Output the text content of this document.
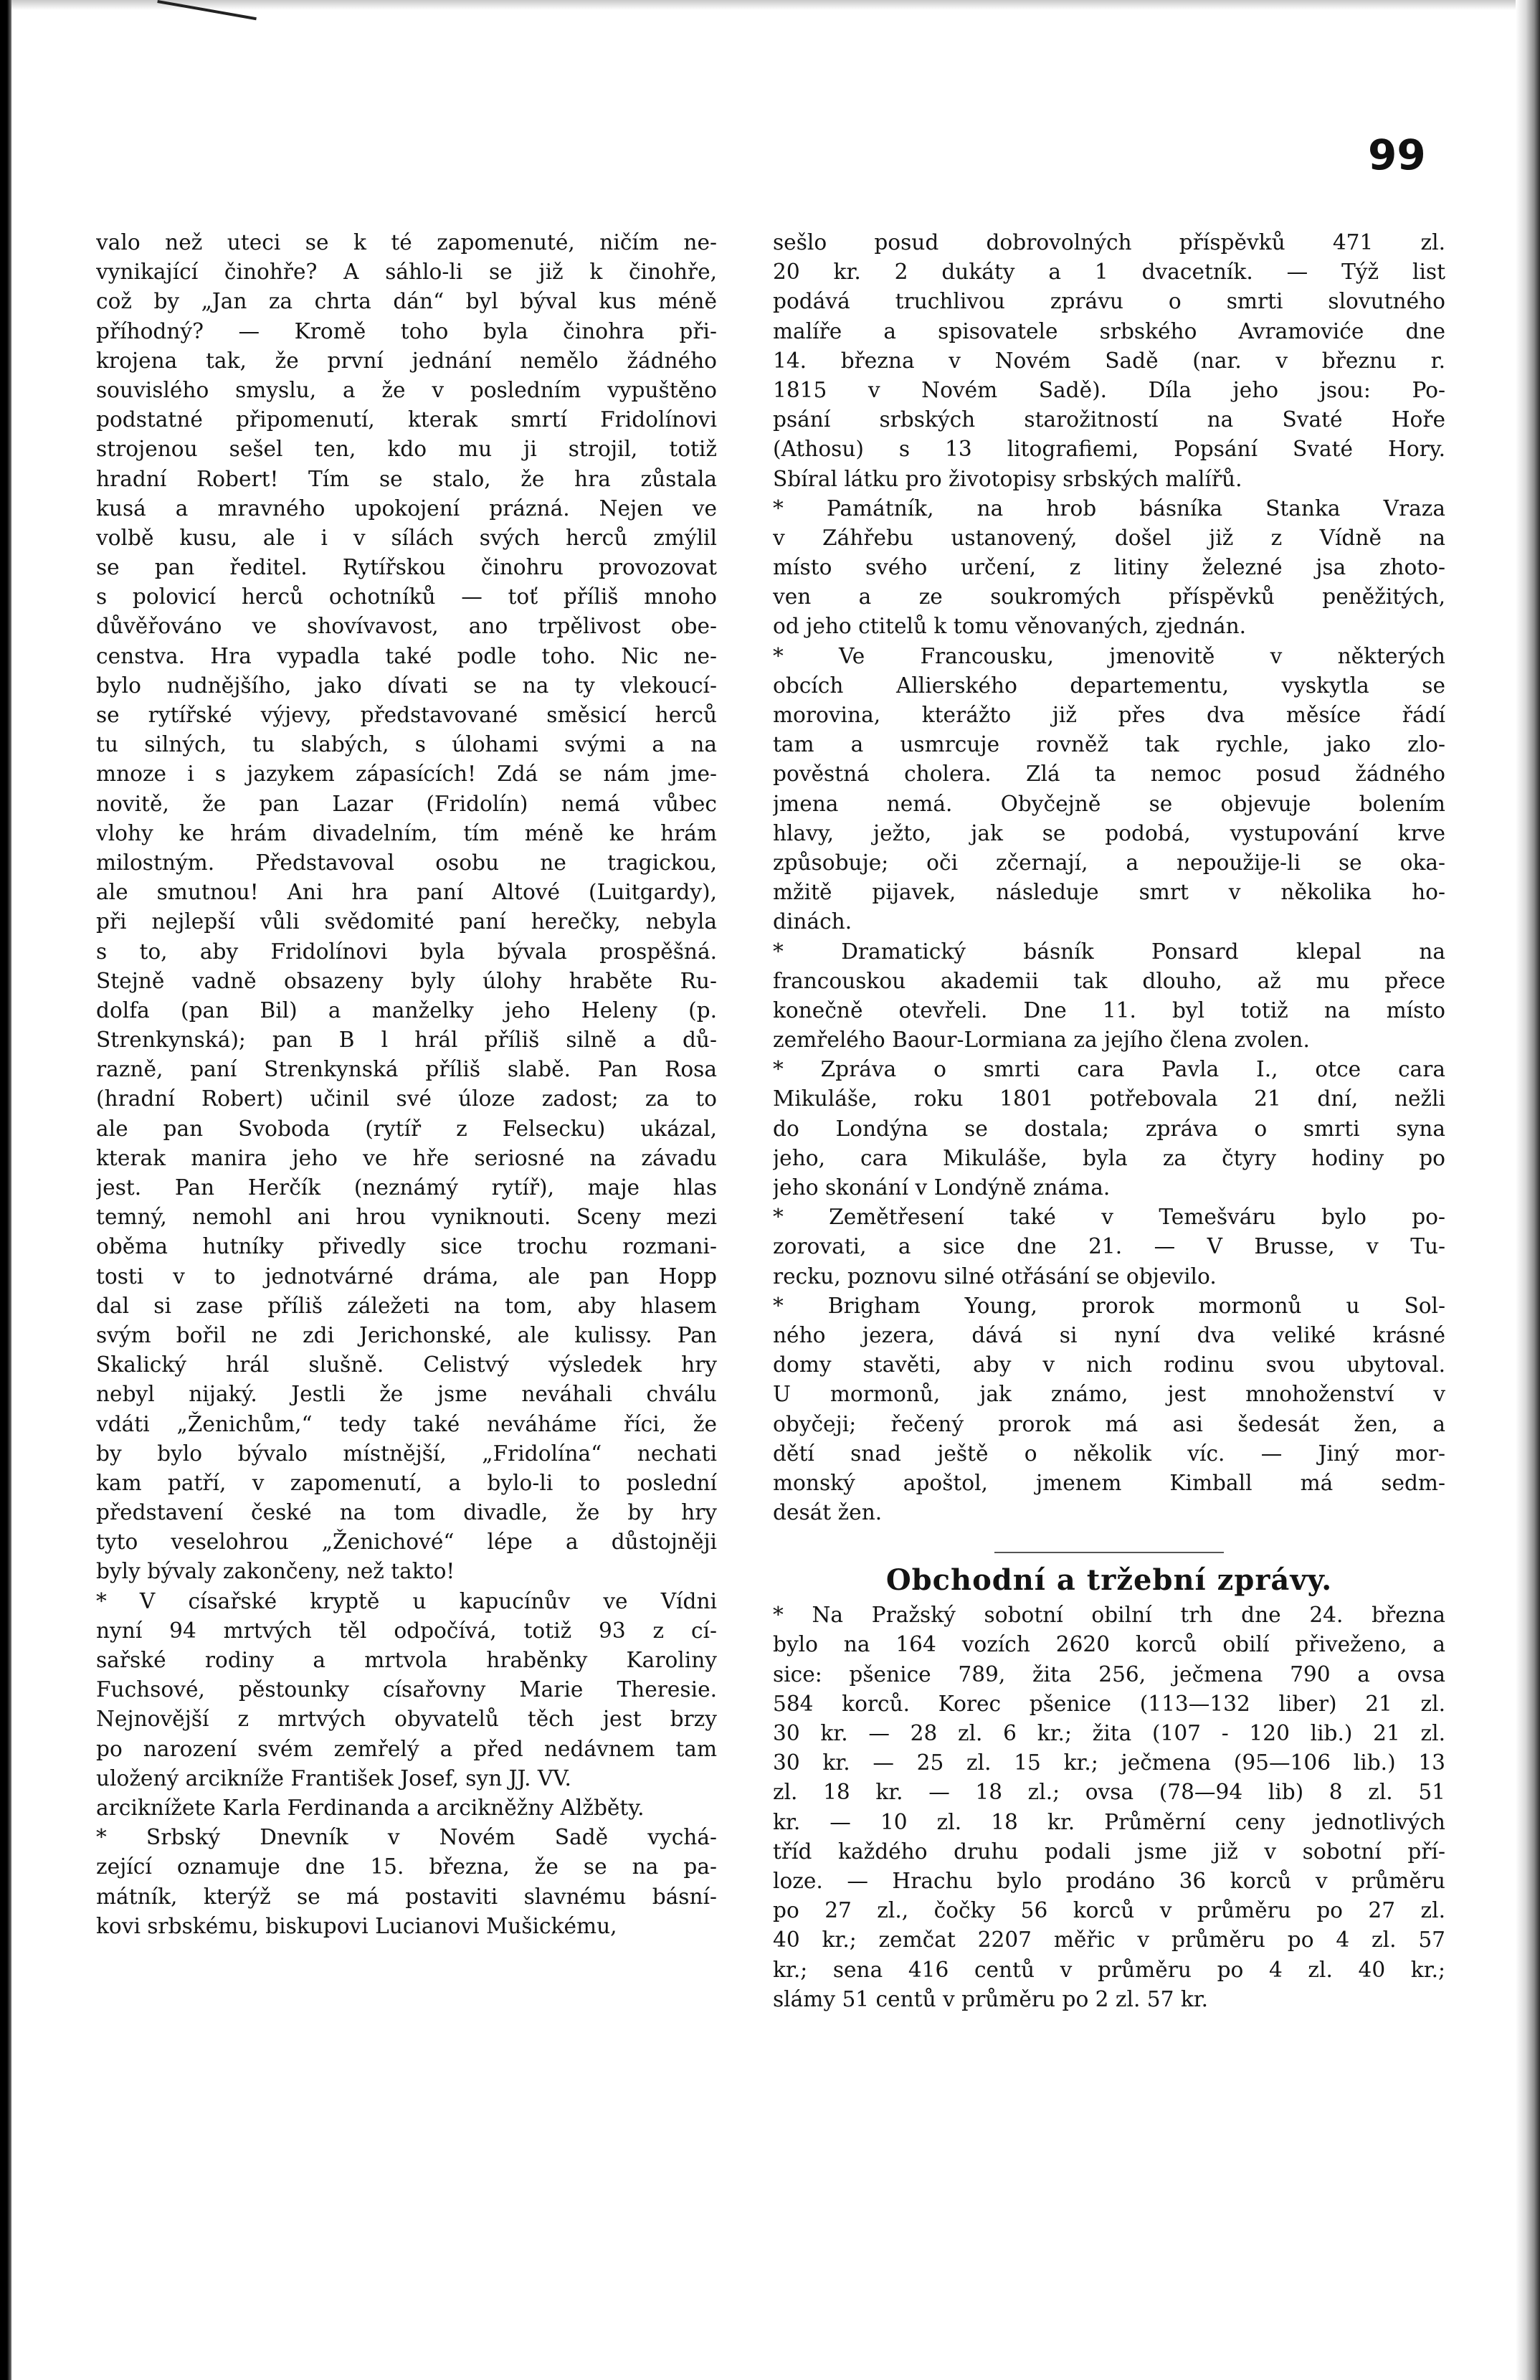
99
valo než uteci se k té zapomenuté, ničím ne-
vynikající činohře? A sáhlo-li se již k činohře,
což by „Jan za chrta dán“ byl býval kus méně
příhodný? — Kromě toho byla činohra při-
krojena tak, že první jednání nemělo žádného
souvislého smyslu, a že v posledním vypuštěno
podstatné připomenutí, kterak smrtí Fridolínovi
strojenou sešel ten, kdo mu ji strojil, totiž
hradní Robert! Tím se stalo, že hra zůstala
kusá a mravného upokojení prázná. Nejen ve
volbě kusu, ale i v sílách svých herců zmýlil
se pan ředitel. Rytířskou činohru provozovat
s polovicí herců ochotníků — toť příliš mnoho
důvěřováno ve shovívavost, ano trpělivost obe-
censtva. Hra vypadla také podle toho. Nic ne-
bylo nudnějšího, jako dívati se na ty vlekoucí-
se rytířské výjevy, představované směsicí herců
tu silných, tu slabých, s úlohami svými a na
mnoze i s jazykem zápasících! Zdá se nám jme-
novitě, že pan Lazar (Fridolín) nemá vůbec
vlohy ke hrám divadelním, tím méně ke hrám
milostným. Představoval osobu ne tragickou,
ale smutnou! Ani hra paní Altové (Luitgardy),
při nejlepší vůli svědomité paní herečky, nebyla
s to, aby Fridolínovi byla bývala prospěšná.
Stejně vadně obsazeny byly úlohy hraběte Ru-
dolfa (pan Bil) a manželky jeho Heleny (p.
Strenkynská); pan B l hrál příliš silně a dů-
razně, paní Strenkynská příliš slabě. Pan Rosa
(hradní Robert) učinil své úloze zadost; za to
ale pan Svoboda (rytíř z Felsecku) ukázal,
kterak manira jeho ve hře seriosné na závadu
jest. Pan Herčík (neznámý rytíř), maje hlas
temný, nemohl ani hrou vyniknouti. Sceny mezi
oběma hutníky přivedly sice trochu rozmani-
tosti v to jednotvárné dráma, ale pan Hopp
dal si zase příliš záležeti na tom, aby hlasem
svým bořil ne zdi Jerichonské, ale kulissy. Pan
Skalický hrál slušně. Celistvý výsledek hry
nebyl nijaký. Jestli že jsme neváhali chválu
vdáti „Ženichům,“ tedy také neváháme říci, že
by bylo bývalo místnější, „Fridolína“ nechati
kam patří, v zapomenutí, a bylo-li to poslední
představení české na tom divadle, že by hry
tyto veselohrou „Ženichové“ lépe a důstojněji
byly bývaly zakončeny, než takto!
* V císařské kryptě u kapucínův ve Vídni
nyní 94 mrtvých těl odpočívá, totiž 93 z cí-
sařské rodiny a mrtvola hraběnky Karoliny
Fuchsové, pěstounky císařovny Marie Theresie.
Nejnovější z mrtvých obyvatelů těch jest brzy
po narození svém zemřelý a před nedávnem tam
uložený arcikníže František Josef, syn JJ. VV.
arciknížete Karla Ferdinanda a arcikněžny Alžběty.
* Srbský Dnevník v Novém Sadě vychá-
zející oznamuje dne 15. března, že se na pa-
mátník, kterýž se má postaviti slavnému básní-
kovi srbskému, biskupovi Lucianovi Mušickému,
sešlo posud dobrovolných příspěvků 471 zl.
20 kr. 2 dukáty a 1 dvacetník. — Týž list
podává truchlivou zprávu o smrti slovutného
malíře a spisovatele srbského Avramoviće dne
14. března v Novém Sadě (nar. v březnu r.
1815 v Novém Sadě). Díla jeho jsou: Po-
psání srbských starožitností na Svaté Hoře
(Athosu) s 13 litografiemi, Popsání Svaté Hory.
Sbíral látku pro životopisy srbských malířů.
* Památník, na hrob básníka Stanka Vraza
v Záhřebu ustanovený, došel již z Vídně na
místo svého určení, z litiny železné jsa zhoto-
ven a ze soukromých příspěvků peněžitých,
od jeho ctitelů k tomu věnovaných, zjednán.
* Ve Francousku, jmenovitě v některých
obcích Allierského departementu, vyskytla se
morovina, kterážto již přes dva měsíce řádí
tam a usmrcuje rovněž tak rychle, jako zlo-
pověstná cholera. Zlá ta nemoc posud žádného
jmena nemá. Obyčejně se objevuje bolením
hlavy, ježto, jak se podobá, vystupování krve
způsobuje; oči zčernají, a nepoužije-li se oka-
mžitě pijavek, následuje smrt v několika ho-
dinách.
* Dramatický básník Ponsard klepal na
francouskou akademii tak dlouho, až mu přece
konečně otevřeli. Dne 11. byl totiž na místo
zemřelého Baour-Lormiana za jejího člena zvolen.
* Zpráva o smrti cara Pavla I., otce cara
Mikuláše, roku 1801 potřebovala 21 dní, nežli
do Londýna se dostala; zpráva o smrti syna
jeho, cara Mikuláše, byla za čtyry hodiny po
jeho skonání v Londýně známa.
* Zemětřesení také v Temešváru bylo po-
zorovati, a sice dne 21. — V Brusse, v Tu-
recku, poznovu silné otřásání se objevilo.
* Brigham Young, prorok mormonů u Sol-
ného jezera, dává si nyní dva veliké krásné
domy stavěti, aby v nich rodinu svou ubytoval.
U mormonů, jak známo, jest mnohoženství v
obyčeji; řečený prorok má asi šedesát žen, a
dětí snad ještě o několik víc. — Jiný mor-
monský apoštol, jmenem Kimball má sedm-
desát žen.
Obchodní a tržební zprávy.
* Na Pražský sobotní obilní trh dne 24. března
bylo na 164 vozích 2620 korců obilí přiveženo, a
sice: pšenice 789, žita 256, ječmena 790 a ovsa
584 korců. Korec pšenice (113—132 liber) 21 zl.
30 kr. — 28 zl. 6 kr.; žita (107 - 120 lib.) 21 zl.
30 kr. — 25 zl. 15 kr.; ječmena (95—106 lib.) 13
zl. 18 kr. — 18 zl.; ovsa (78—94 lib) 8 zl. 51
kr. — 10 zl. 18 kr. Průměrní ceny jednotlivých
tříd každého druhu podali jsme již v sobotní pří-
loze. — Hrachu bylo prodáno 36 korců v průměru
po 27 zl., čočky 56 korců v průměru po 27 zl.
40 kr.; zemčat 2207 měřic v průměru po 4 zl. 57
kr.; sena 416 centů v průměru po 4 zl. 40 kr.;
slámy 51 centů v průměru po 2 zl. 57 kr.
